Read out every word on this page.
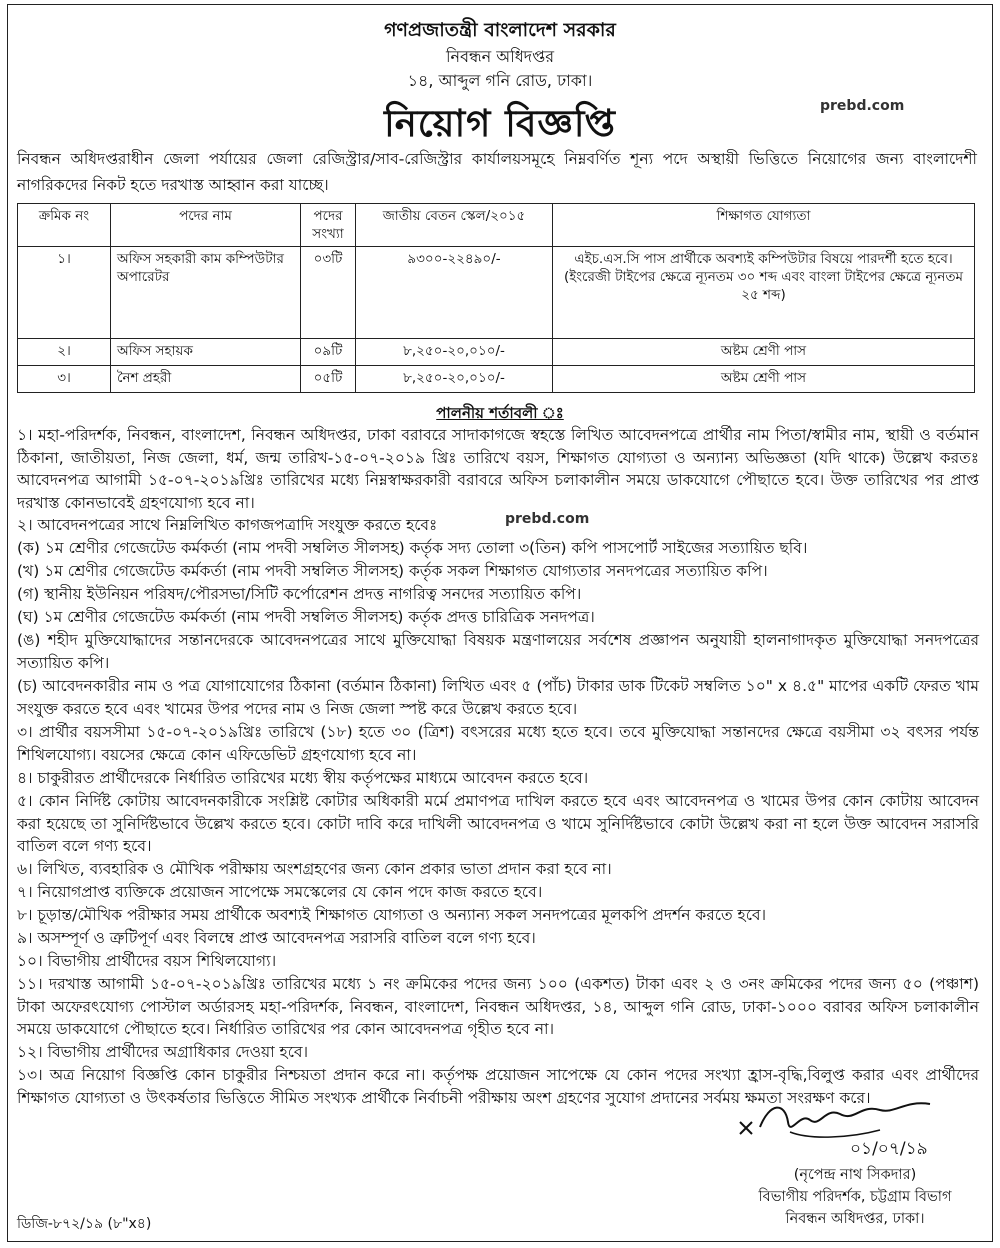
গণপ্রজাতন্ত্রী বাংলাদেশ সরকার
নিবন্ধন অধিদপ্তর
১৪, আব্দুল গনি রোড, ঢাকা।
নিয়োগ বিজ্ঞপ্তি	prebd.com
prebd.com
নিবন্ধন অধিদপ্তরাধীন জেলা পর্যায়ের জেলা রেজিস্ট্রার/সাব-রেজিস্ট্রার কার্যালয়সমূহে নিম্নবর্ণিত শূন্য পদে অস্থায়ী ভিত্তিতে নিয়োগের জন্য বাংলাদেশী নাগরিকদের নিকট হতে দরখাস্ত আহ্বান করা যাচ্ছে।
ক্রমিক নং	পদের নাম	পদের সংখ্যা	জাতীয় বেতন স্কেল/২০১৫	শিক্ষাগত যোগ্যতা
১।	অফিস সহকারী কাম কম্পিউটার অপারেটর	০৩টি	৯৩০০-২২৪৯০/-	এইচ.এস.সি পাস প্রার্থীকে অবশ্যই কম্পিউটার বিষয়ে পারদর্শী হতে হবে। (ইংরেজী টাইপের ক্ষেত্রে ন্যূনতম ৩০ শব্দ এবং বাংলা টাইপের ক্ষেত্রে ন্যূনতম ২৫ শব্দ)
২।	অফিস সহায়ক	০৯টি	৮,২৫০-২০,০১০/-	অষ্টম শ্রেণী পাস
৩।	নৈশ প্রহরী	০৫টি	৮,২৫০-২০,০১০/-	অষ্টম শ্রেণী পাস
পালনীয় শর্তাবলী ঃ
১। মহা-পরিদর্শক, নিবন্ধন, বাংলাদেশ, নিবন্ধন অধিদপ্তর, ঢাকা বরাবরে সাদাকাগজে স্বহস্তে লিখিত আবেদনপত্রে প্রার্থীর নাম পিতা/স্বামীর নাম, স্থায়ী ও বর্তমান ঠিকানা, জাতীয়তা, নিজ জেলা, ধর্ম, জন্ম তারিখ-১৫-০৭-২০১৯ খ্রিঃ তারিখে বয়স, শিক্ষাগত যোগ্যতা ও অন্যান্য অভিজ্ঞতা (যদি থাকে) উল্লেখ করতঃ আবেদনপত্র আগামী ১৫-০৭-২০১৯খ্রিঃ তারিখের মধ্যে নিম্নস্বাক্ষরকারী বরাবরে অফিস চলাকালীন সময়ে ডাকযোগে পৌছাতে হবে। উক্ত তারিখের পর প্রাপ্ত দরখাস্ত কোনভাবেই গ্রহণযোগ্য হবে না।
২। আবেদনপত্রের সাথে নিম্নলিখিত কাগজপত্রাদি সংযুক্ত করতে হবেঃ
(ক) ১ম শ্রেণীর গেজেটেড কর্মকর্তা (নাম পদবী সম্বলিত সীলসহ) কর্তৃক সদ্য তোলা ৩(তিন) কপি পাসপোর্ট সাইজের সত্যায়িত ছবি।
(খ) ১ম শ্রেণীর গেজেটেড কর্মকর্তা (নাম পদবী সম্বলিত সীলসহ) কর্তৃক সকল শিক্ষাগত যোগ্যতার সনদপত্রের সত্যায়িত কপি।
(গ) স্থানীয় ইউনিয়ন পরিষদ/পৌরসভা/সিটি কর্পোরেশন প্রদত্ত নাগরিত্ব সনদের সত্যায়িত কপি।
(ঘ) ১ম শ্রেণীর গেজেটেড কর্মকর্তা (নাম পদবী সম্বলিত সীলসহ) কর্তৃক প্রদত্ত চারিত্রিক সনদপত্র।
(ঙ) শহীদ মুক্তিযোদ্ধাদের সন্তানদেরকে আবেদনপত্রের সাথে মুক্তিযোদ্ধা বিষয়ক মন্ত্রণালয়ের সর্বশেষ প্রজ্ঞাপন অনুযায়ী হালনাগাদকৃত মুক্তিযোদ্ধা সনদপত্রের সত্যায়িত কপি।
(চ) আবেদনকারীর নাম ও পত্র যোগাযোগের ঠিকানা (বর্তমান ঠিকানা) লিখিত এবং ৫ (পাঁচ) টাকার ডাক টিকেট সম্বলিত ১০" x ৪.৫" মাপের একটি ফেরত খাম সংযুক্ত করতে হবে এবং খামের উপর পদের নাম ও নিজ জেলা স্পষ্ট করে উল্লেখ করতে হবে।
৩। প্রার্থীর বয়সসীমা ১৫-০৭-২০১৯খ্রিঃ তারিখে (১৮) হতে ৩০ (ত্রিশ) বৎসরের মধ্যে হতে হবে। তবে মুক্তিযোদ্ধা সন্তানদের ক্ষেত্রে বয়সীমা ৩২ বৎসর পর্যন্ত শিথিলযোগ্য। বয়সের ক্ষেত্রে কোন এফিডেভিট গ্রহণযোগ্য হবে না।
৪। চাকুরীরত প্রার্থীদেরকে নির্ধারিত তারিখের মধ্যে স্বীয় কর্তৃপক্ষের মাধ্যমে আবেদন করতে হবে।
৫। কোন নির্দিষ্ট কোটায় আবেদনকারীকে সংশ্লিষ্ট কোটার অধিকারী মর্মে প্রমাণপত্র দাখিল করতে হবে এবং আবেদনপত্র ও খামের উপর কোন কোটায় আবেদন করা হয়েছে তা সুনির্দিষ্টভাবে উল্লেখ করতে হবে। কোটা দাবি করে দাখিলী আবেদনপত্র ও খামে সুনির্দিষ্টভাবে কোটা উল্লেখ করা না হলে উক্ত আবেদন সরাসরি বাতিল বলে গণ্য হবে।
৬। লিখিত, ব্যবহারিক ও মৌখিক পরীক্ষায় অংশগ্রহণের জন্য কোন প্রকার ভাতা প্রদান করা হবে না।
৭। নিয়োগপ্রাপ্ত ব্যক্তিকে প্রয়োজন সাপেক্ষে সমস্কেলের যে কোন পদে কাজ করতে হবে।
৮। চূড়ান্ত/মৌখিক পরীক্ষার সময় প্রার্থীকে অবশ্যই শিক্ষাগত যোগ্যতা ও অন্যান্য সকল সনদপত্রের মূলকপি প্রদর্শন করতে হবে।
৯। অসম্পূর্ণ ও ত্রুটিপূর্ণ এবং বিলম্বে প্রাপ্ত আবেদনপত্র সরাসরি বাতিল বলে গণ্য হবে।
১০। বিভাগীয় প্রার্থীদের বয়স শিথিলযোগ্য।
১১। দরখাস্ত আগামী ১৫-০৭-২০১৯খ্রিঃ তারিখের মধ্যে ১ নং ক্রমিকের পদের জন্য ১০০ (একশত) টাকা এবং ২ ও ৩নং ক্রমিকের পদের জন্য ৫০ (পঞ্চাশ) টাকা অফেরৎযোগ্য পোস্টাল অর্ডারসহ মহা-পরিদর্শক, নিবন্ধন, বাংলাদেশ, নিবন্ধন অধিদপ্তর, ১৪, আব্দুল গনি রোড, ঢাকা-১০০০ বরাবর অফিস চলাকালীন সময়ে ডাকযোগে পৌছাতে হবে। নির্ধারিত তারিখের পর কোন আবেদনপত্র গৃহীত হবে না।
১২। বিভাগীয় প্রার্থীদের অগ্রাধিকার দেওয়া হবে।
১৩। অত্র নিয়োগ বিজ্ঞপ্তি কোন চাকুরীর নিশ্চয়তা প্রদান করে না। কর্তৃপক্ষ প্রয়োজন সাপেক্ষে যে কোন পদের সংখ্যা হ্রাস-বৃদ্ধি,বিলুপ্ত করার এবং প্রার্থীদের শিক্ষাগত যোগ্যতা ও উৎকর্ষতার ভিত্তিতে সীমিত সংখ্যক প্রার্থীকে নির্বাচনী পরীক্ষায় অংশ গ্রহণের সুযোগ প্রদানের সর্বময় ক্ষমতা সংরক্ষণ করে।
০১/০৭/১৯
(নৃপেন্দ্র নাথ সিকদার)
বিভাগীয় পরিদর্শক, চট্টগ্রাম বিভাগ
নিবন্ধন অধিদপ্তর, ঢাকা।
ডিজি-৮৭২/১৯ (৮"x৪)
